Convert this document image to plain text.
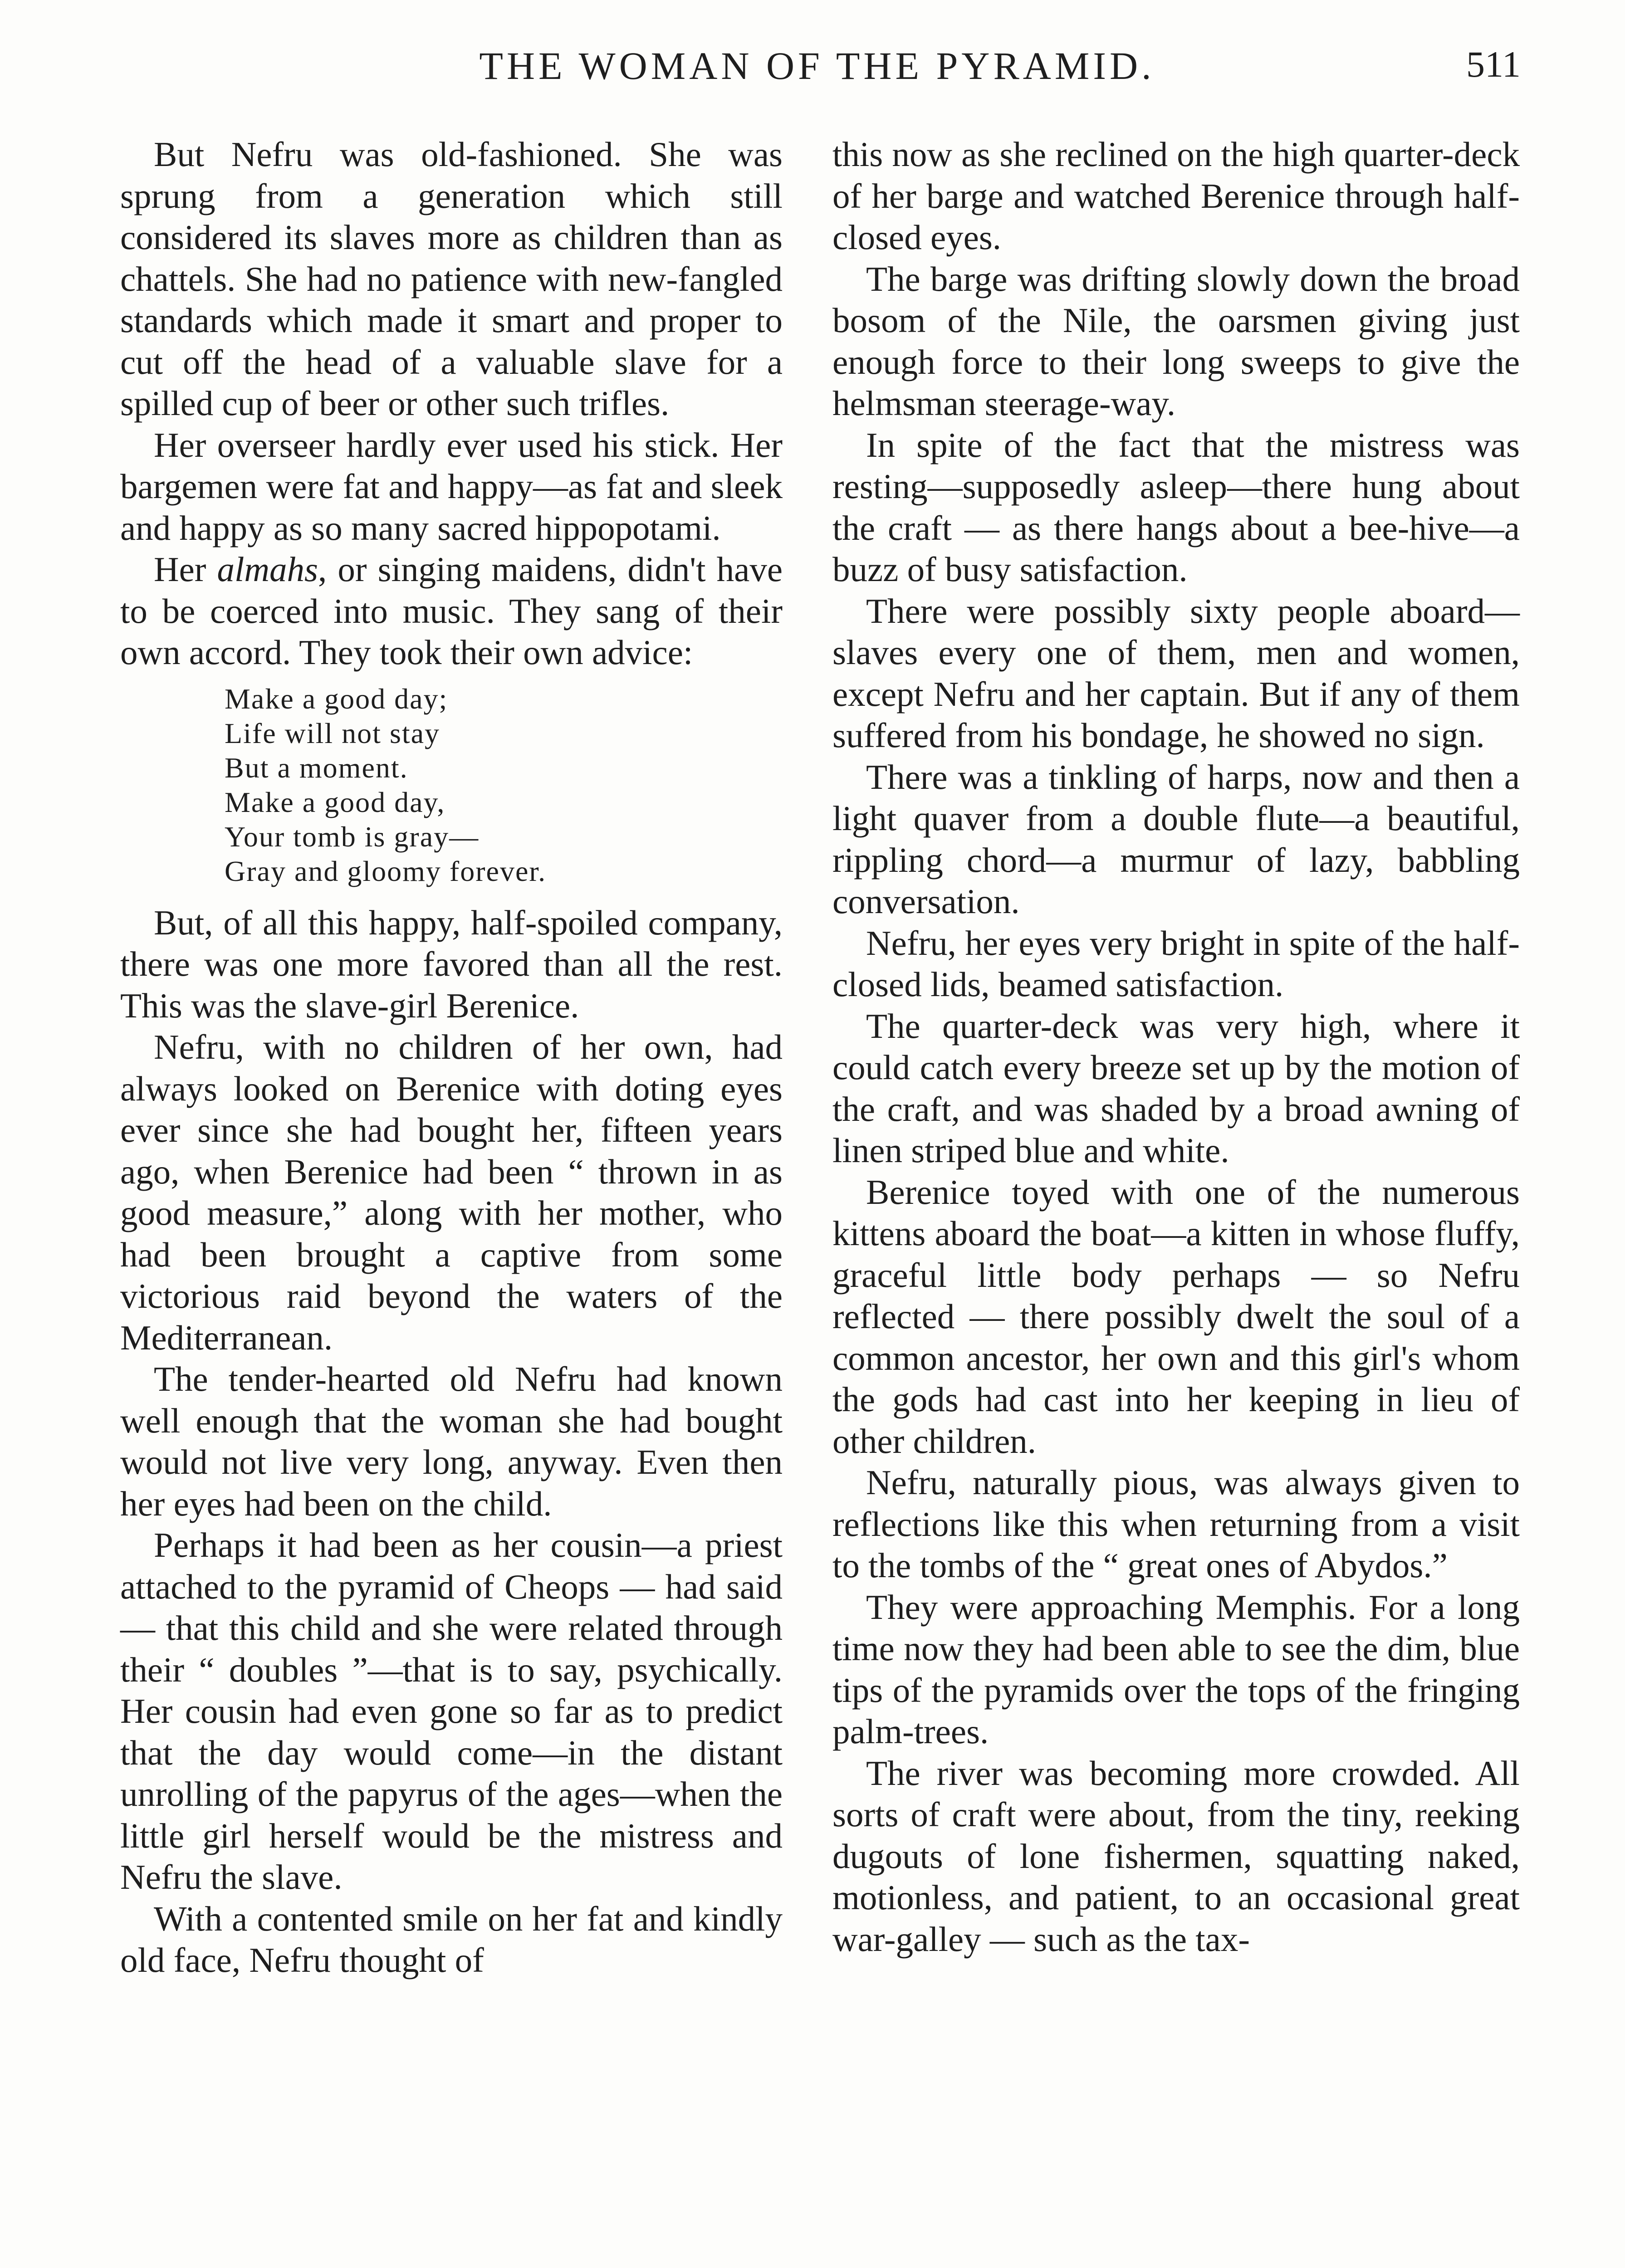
THE WOMAN OF THE PYRAMID.	511

But Nefru was old-fashioned. She was sprung from a generation which still considered its slaves more as children than as chattels. She had no patience with new-fangled standards which made it smart and proper to cut off the head of a valuable slave for a spilled cup of beer or other such trifles.

Her overseer hardly ever used his stick. Her bargemen were fat and happy—as fat and sleek and happy as so many sacred hippopotami.

Her almahs, or singing maidens, didn't have to be coerced into music. They sang of their own accord. They took their own advice:

Make a good day;
Life will not stay
But a moment.
Make a good day,
Your tomb is gray—
Gray and gloomy forever.

But, of all this happy, half-spoiled company, there was one more favored than all the rest. This was the slave-girl Berenice.

Nefru, with no children of her own, had always looked on Berenice with doting eyes ever since she had bought her, fifteen years ago, when Berenice had been “ thrown in as good measure,” along with her mother, who had been brought a captive from some victorious raid beyond the waters of the Mediterranean.

The tender-hearted old Nefru had known well enough that the woman she had bought would not live very long, anyway. Even then her eyes had been on the child.

Perhaps it had been as her cousin—a priest attached to the pyramid of Cheops — had said — that this child and she were related through their “ doubles ”—that is to say, psychically. Her cousin had even gone so far as to predict that the day would come—in the distant unrolling of the papyrus of the ages—when the little girl herself would be the mistress and Nefru the slave.

With a contented smile on her fat and kindly old face, Nefru thought of

this now as she reclined on the high quarter-deck of her barge and watched Berenice through half-closed eyes.

The barge was drifting slowly down the broad bosom of the Nile, the oarsmen giving just enough force to their long sweeps to give the helmsman steerage-way.

In spite of the fact that the mistress was resting—supposedly asleep—there hung about the craft — as there hangs about a bee-hive—a buzz of busy satisfaction.

There were possibly sixty people aboard—slaves every one of them, men and women, except Nefru and her captain. But if any of them suffered from his bondage, he showed no sign.

There was a tinkling of harps, now and then a light quaver from a double flute—a beautiful, rippling chord—a murmur of lazy, babbling conversation.

Nefru, her eyes very bright in spite of the half-closed lids, beamed satisfaction.

The quarter-deck was very high, where it could catch every breeze set up by the motion of the craft, and was shaded by a broad awning of linen striped blue and white.

Berenice toyed with one of the numerous kittens aboard the boat—a kitten in whose fluffy, graceful little body perhaps — so Nefru reflected — there possibly dwelt the soul of a common ancestor, her own and this girl's whom the gods had cast into her keeping in lieu of other children.

Nefru, naturally pious, was always given to reflections like this when returning from a visit to the tombs of the “ great ones of Abydos.”

They were approaching Memphis. For a long time now they had been able to see the dim, blue tips of the pyramids over the tops of the fringing palm-trees.

The river was becoming more crowded. All sorts of craft were about, from the tiny, reeking dugouts of lone fishermen, squatting naked, motionless, and patient, to an occasional great war-galley — such as the tax-
